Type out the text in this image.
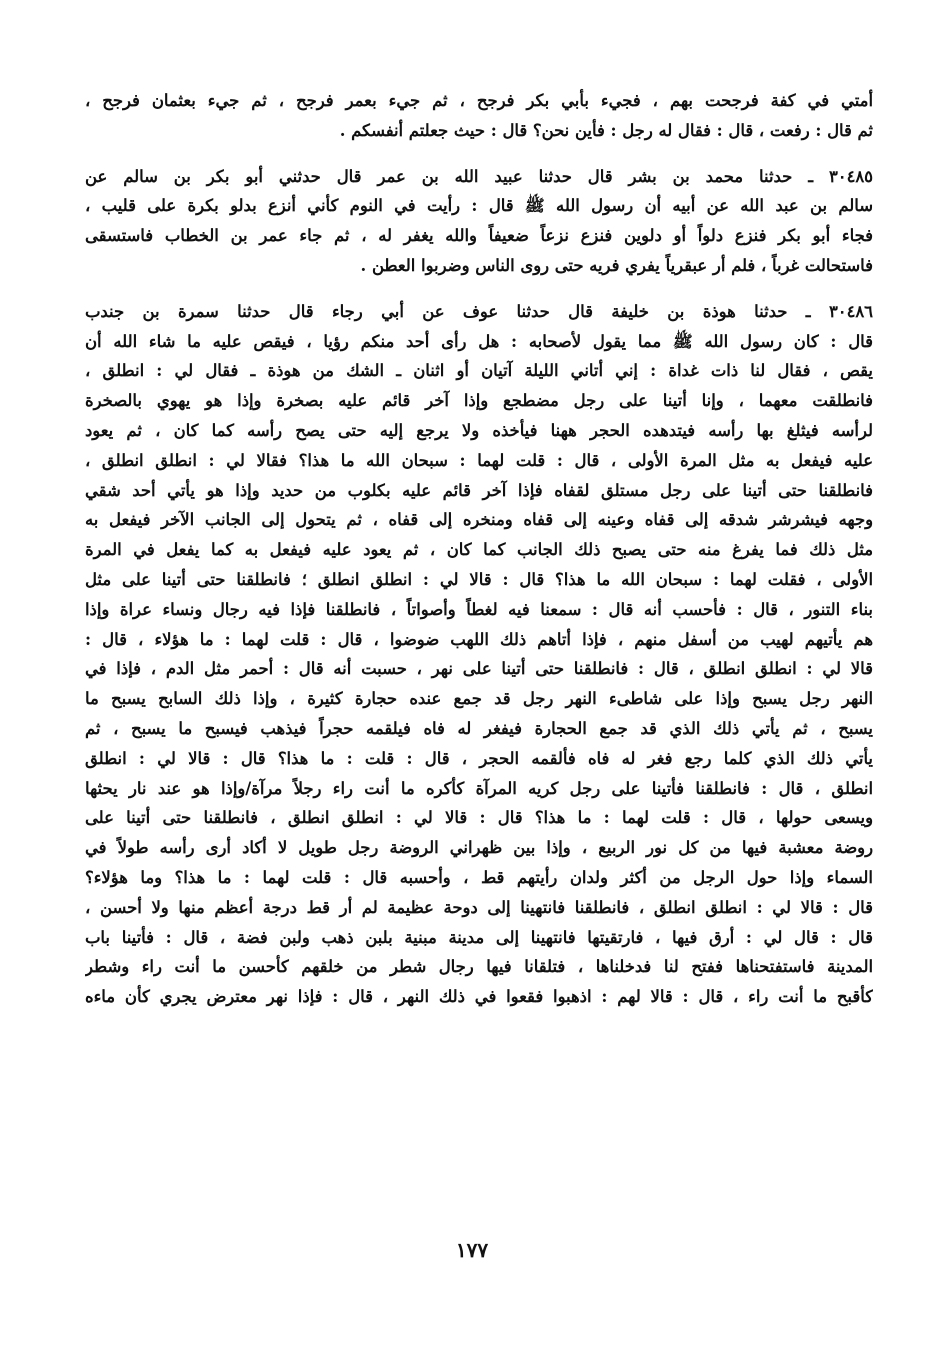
أمتي في كفة فرجحت بهم ، فجيء بأبي بكر فرجح ، ثم جيء بعمر فرجح ، ثم جيء بعثمان فرجح ،
ثم قال : رفعت ، قال : فقال له رجل : فأين نحن؟ قال : حيث جعلتم أنفسكم .
٣٠٤٨٥ ـ حدثنا محمد بن بشر قال حدثنا عبيد الله بن عمر قال حدثني أبو بكر بن سالم عن
سالم بن عبد الله عن أبيه أن رسول الله ﷺ قال : رأيت في النوم كأني أنزع بدلو بكرة على قليب ،
فجاء أبو بكر فنزع دلواً أو دلوين فنزع نزعاً ضعيفاً والله يغفر له ، ثم جاء عمر بن الخطاب فاستسقى
فاستحالت غرباً ، فلم أر عبقرياً يفري فريه حتى روى الناس وضربوا العطن .
٣٠٤٨٦ ـ حدثنا هوذة بن خليفة قال حدثنا عوف عن أبي رجاء قال حدثنا سمرة بن جندب
قال : كان رسول الله ﷺ مما يقول لأصحابه : هل رأى أحد منكم رؤيا ، فيقص عليه ما شاء الله أن
يقص ، فقال لنا ذات غداة : إني أتاني الليلة آتيان أو اثنان ـ الشك من هوذة ـ فقال لي : انطلق ،
فانطلقت معهما ، وإنا أتينا على رجل مضطجع وإذا آخر قائم عليه بصخرة وإذا هو يهوي بالصخرة
لرأسه فيثلغ بها رأسه فيتدهده الحجر ههنا فيأخذه ولا يرجع إليه حتى يصح رأسه كما كان ، ثم يعود
عليه فيفعل به مثل المرة الأولى ، قال : قلت لهما : سبحان الله ما هذا؟ فقالا لي : انطلق انطلق ،
فانطلقنا حتى أتينا على رجل مستلق لقفاه فإذا آخر قائم عليه بكلوب من حديد وإذا هو يأتي أحد شقي
وجهه فيشرشر شدقه إلى قفاه وعينه إلى قفاه ومنخره إلى قفاه ، ثم يتحول إلى الجانب الآخر فيفعل به
مثل ذلك فما يفرغ منه حتى يصبح ذلك الجانب كما كان ، ثم يعود عليه فيفعل به كما يفعل في المرة
الأولى ، فقلت لهما : سبحان الله ما هذا؟ قال : قالا لي : انطلق انطلق ؛ فانطلقنا حتى أتينا على مثل
بناء التنور ، قال : فأحسب أنه قال : سمعنا فيه لغطاً وأصواتاً ، فانطلقنا فإذا فيه رجال ونساء عراة وإذا
هم يأتيهم لهيب من أسفل منهم ، فإذا أتاهم ذلك اللهب ضوضوا ، قال : قلت لهما : ما هؤلاء ، قال :
قالا لي : انطلق انطلق ، قال : فانطلقنا حتى أتينا على نهر ، حسبت أنه قال : أحمر مثل الدم ، فإذا في
النهر رجل يسبح وإذا على شاطىء النهر رجل قد جمع عنده حجارة كثيرة ، وإذا ذلك السابح يسبح ما
يسبح ، ثم يأتي ذلك الذي قد جمع الحجارة فيفغر له فاه فيلقمه حجراً فيذهب فيسبح ما يسبح ، ثم
يأتي ذلك الذي كلما رجع فغر له فاه فألقمه الحجر ، قال : قلت : ما هذا؟ قال : قالا لي : انطلق
انطلق ، قال : فانطلقنا فأتينا على رجل كريه المرآة كأكره ما أنت راء رجلاً مرآة/وإذا هو عند نار يحثها
ويسعى حولها ، قال : قلت لهما : ما هذا؟ قال : قالا لي : انطلق انطلق ، فانطلقنا حتى أتينا على
روضة معشبة فيها من كل نور الربيع ، وإذا بين ظهراني الروضة رجل طويل لا أكاد أرى رأسه طولاً في
السماء وإذا حول الرجل من أكثر ولدان رأيتهم قط ، وأحسبه قال : قلت لهما : ما هذا؟ وما هؤلاء؟
قال : قالا لي : انطلق انطلق ، فانطلقنا فانتهينا إلى دوحة عظيمة لم أر قط درجة أعظم منها ولا أحسن ،
قال : قال لي : أرق فيها ، فارتقيتها فانتهينا إلى مدينة مبنية بلبن ذهب ولبن فضة ، قال : فأتينا باب
المدينة فاستفتحناها ففتح لنا فدخلناها ، فتلقانا فيها رجال شطر من خلقهم كأحسن ما أنت راء وشطر
كأقبح ما أنت راء ، قال : قالا لهم : اذهبوا فقعوا في ذلك النهر ، قال : فإذا نهر معترض يجري كأن ماءه
١٧٧
